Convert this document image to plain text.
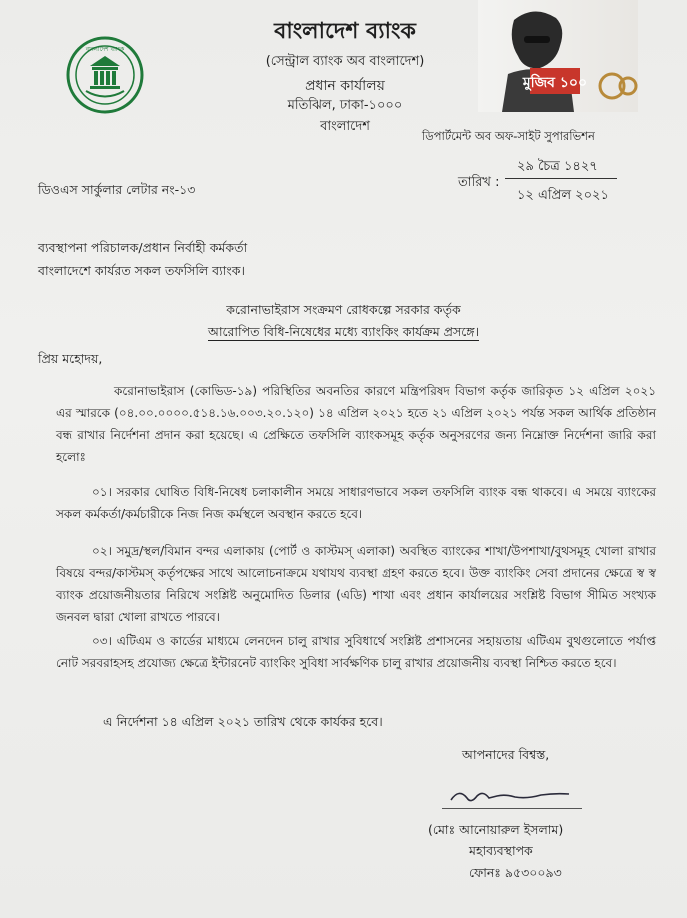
বাংলাদেশ ব্যাংক
মুজিব ১০০
বাংলাদেশ ব্যাংক
(সেন্ট্রাল ব্যাংক অব বাংলাদেশ)
প্রধান কার্যালয়
মতিঝিল, ঢাকা-১০০০
বাংলাদেশ
ডিপার্টমেন্ট অব অফ-সাইট সুপারভিশন
ডিওএস সার্কুলার লেটার নং-১৩
২৯ চৈত্র ১৪২৭
তারিখ :
১২ এপ্রিল ২০২১
ব্যবস্থাপনা পরিচালক/প্রধান নির্বাহী কর্মকর্তা
বাংলাদেশে কার্যরত সকল তফসিলি ব্যাংক।
করোনাভাইরাস সংক্রমণ রোধকল্পে সরকার কর্তৃক
আরোপিত বিধি-নিষেধের মধ্যে ব্যাংকিং কার্যক্রম প্রসঙ্গে।
প্রিয় মহোদয়,
করোনাভাইরাস (কোভিড-১৯) পরিস্থিতির অবনতির কারণে মন্ত্রিপরিষদ বিভাগ কর্তৃক জারিকৃত ১২ এপ্রিল ২০২১ এর স্মারকে (০৪.০০.০০০০.৫১৪.১৬.০০৩.২০.১২০) ১৪ এপ্রিল ২০২১ হতে ২১ এপ্রিল ২০২১ পর্যন্ত সকল আর্থিক প্রতিষ্ঠান বন্ধ রাখার নির্দেশনা প্রদান করা হয়েছে। এ প্রেক্ষিতে তফসিলি ব্যাংকসমূহ কর্তৃক অনুসরণের জন্য নিম্নোক্ত নির্দেশনা জারি করা হলোঃ
০১। সরকার ঘোষিত বিধি-নিষেধ চলাকালীন সময়ে সাধারণভাবে সকল তফসিলি ব্যাংক বন্ধ থাকবে। এ সময়ে ব্যাংকের সকল কর্মকর্তা/কর্মচারীকে নিজ নিজ কর্মস্থলে অবস্থান করতে হবে।
০২। সমুদ্র/স্থল/বিমান বন্দর এলাকায় (পোর্ট ও কাস্টমস্ এলাকা) অবস্থিত ব্যাংকের শাখা/উপশাখা/বুথসমূহ খোলা রাখার বিষয়ে বন্দর/কাস্টমস্ কর্তৃপক্ষের সাথে আলোচনাক্রমে যথাযথ ব্যবস্থা গ্রহণ করতে হবে। উক্ত ব্যাংকিং সেবা প্রদানের ক্ষেত্রে স্ব স্ব ব্যাংক প্রয়োজনীয়তার নিরিখে সংশ্লিষ্ট অনুমোদিত ডিলার (এডি) শাখা এবং প্রধান কার্যালয়ের সংশ্লিষ্ট বিভাগ সীমিত সংখ্যক জনবল দ্বারা খোলা রাখতে পারবে।
০৩। এটিএম ও কার্ডের মাধ্যমে লেনদেন চালু রাখার সুবিধার্থে সংশ্লিষ্ট প্রশাসনের সহায়তায় এটিএম বুথগুলোতে পর্যাপ্ত নোট সরবরাহসহ প্রযোজ্য ক্ষেত্রে ইন্টারনেট ব্যাংকিং সুবিধা সার্বক্ষণিক চালু রাখার প্রয়োজনীয় ব্যবস্থা নিশ্চিত করতে হবে।
এ নির্দেশনা ১৪ এপ্রিল ২০২১ তারিখ থেকে কার্যকর হবে।
আপনাদের বিশ্বস্ত,
(মোঃ আনোয়ারুল ইসলাম)
মহাব্যবস্থাপক
ফোনঃ ৯৫৩০০৯৩
